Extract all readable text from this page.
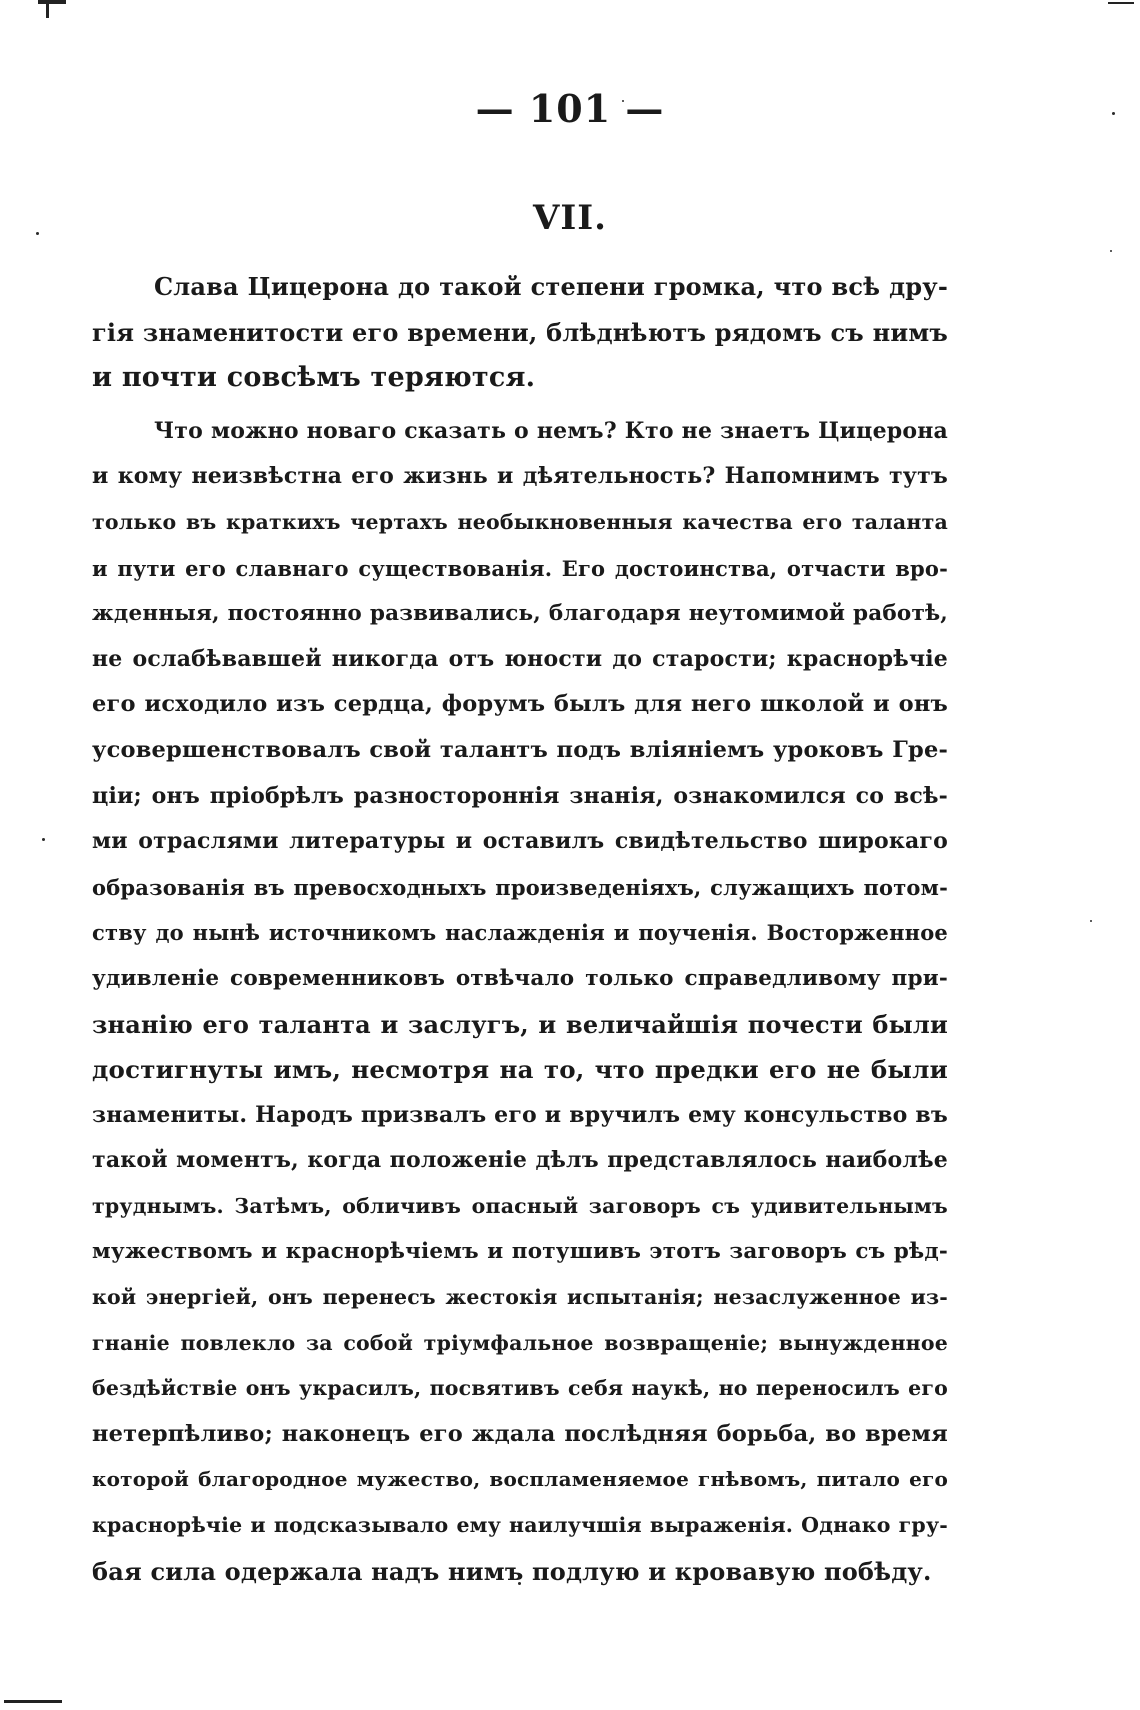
— 101 —
VII.
Слава Цицерона до такой степени громка, что всѣ дру-
гія знаменитости его времени, блѣднѣютъ рядомъ съ нимъ
и почти совсѣмъ теряются.
Что можно новаго сказать о немъ? Кто не знаетъ Цицерона
и кому неизвѣстна его жизнь и дѣятельность? Напомнимъ тутъ
только въ краткихъ чертахъ необыкновенныя качества его таланта
и пути его славнаго существованія. Его достоинства, отчасти вро-
жденныя, постоянно развивались, благодаря неутомимой работѣ,
не ослабѣвавшей никогда отъ юности до старости; краснорѣчіе
его исходило изъ сердца, форумъ былъ для него школой и онъ
усовершенствовалъ свой талантъ подъ вліяніемъ уроковъ Гре-
ціи; онъ пріобрѣлъ разностороннія знанія, ознакомился со всѣ-
ми отраслями литературы и оставилъ свидѣтельство широкаго
образованія въ превосходныхъ произведеніяхъ, служащихъ потом-
ству до нынѣ источникомъ наслажденія и поученія. Восторженное
удивленіе современниковъ отвѣчало только справедливому при-
знанію его таланта и заслугъ, и величайшія почести были
достигнуты имъ, несмотря на то, что предки его не были
знамениты. Народъ призвалъ его и вручилъ ему консульство въ
такой моментъ, когда положеніе дѣлъ представлялось наиболѣе
труднымъ. Затѣмъ, обличивъ опасный заговоръ съ удивительнымъ
мужествомъ и краснорѣчіемъ и потушивъ этотъ заговоръ съ рѣд-
кой энергіей, онъ перенесъ жестокія испытанія; незаслуженное из-
гнаніе повлекло за собой тріумфальное возвращеніе; вынужденное
бездѣйствіе онъ украсилъ, посвятивъ себя наукѣ, но переносилъ его
нетерпѣливо; наконецъ его ждала послѣдняя борьба, во время
которой благородное мужество, воспламеняемое гнѣвомъ, питало его
краснорѣчіе и подсказывало ему наилучшія выраженія. Однако гру-
бая сила одержала надъ нимъ подлую и кровавую побѣду.
